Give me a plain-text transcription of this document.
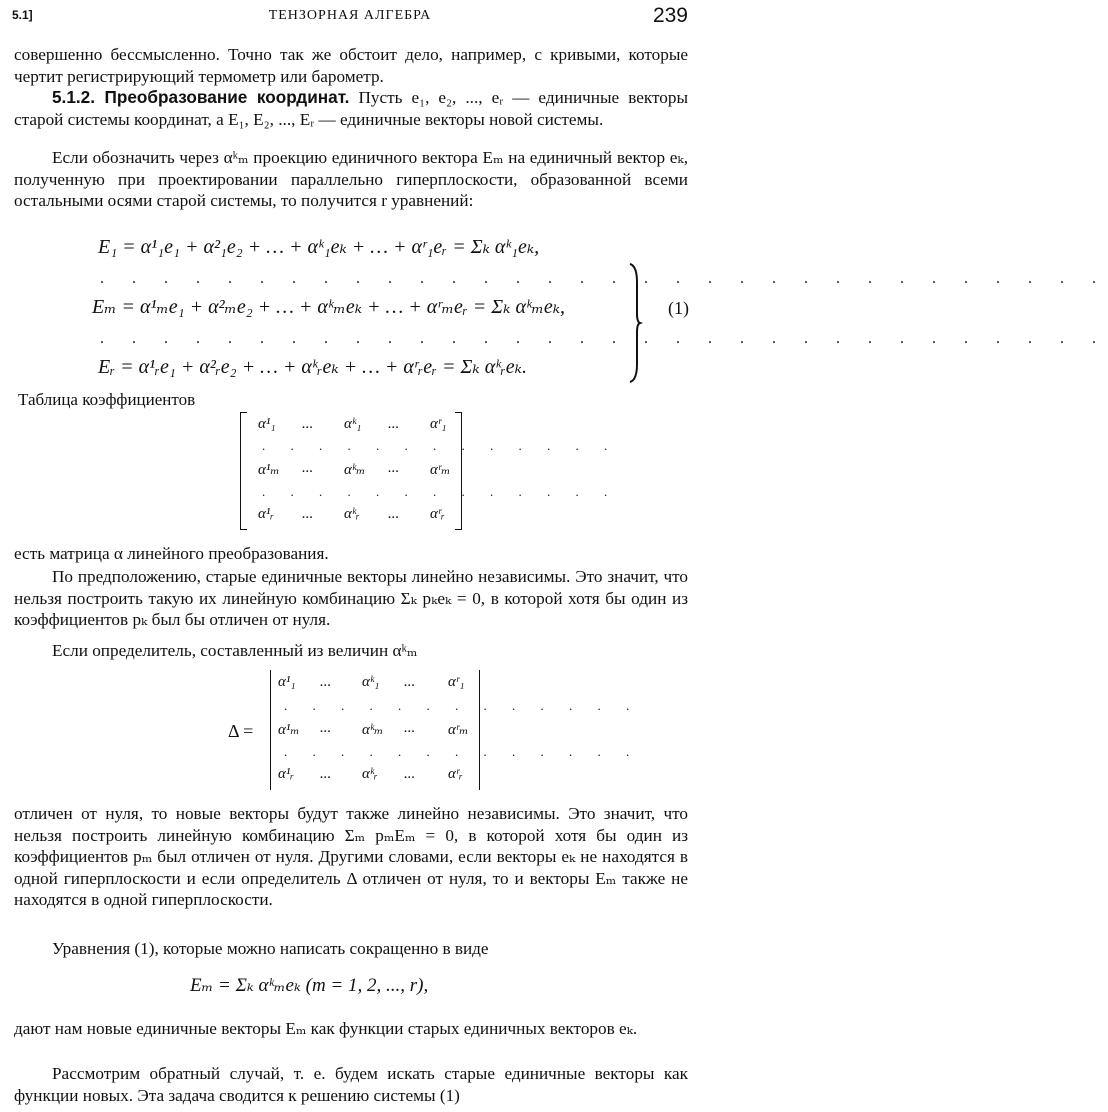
5.1]	ТЕНЗОРНАЯ АЛГЕБРА	239
совершенно бессмысленно. Точно так же обстоит дело, например, с кривыми, которые чертит регистрирующий термометр или барометр.
5.1.2. Преобразование координат. Пусть e₁, e₂, ..., eᵣ — единичные векторы старой системы координат, а E₁, E₂, ..., Eᵣ — единичные векторы новой системы.
Если обозначить через αᵏₘ проекцию единичного вектора Eₘ на единичный вектор eₖ, полученную при проектировании параллельно гиперплоскости, образованной всеми остальными осями старой системы, то получится r уравнений:
E₁ = α¹₁e₁ + α²₁e₂ + … + αᵏ₁eₖ + … + αʳ₁eᵣ = Σₖ αᵏ₁eₖ,
. . . . . . . . . . . . . . . . . . . . . . . . . . . . . . . .
Eₘ = α¹ₘe₁ + α²ₘe₂ + … + αᵏₘeₖ + … + αʳₘeᵣ = Σₖ αᵏₘeₖ,
. . . . . . . . . . . . . . . . . . . . . . . . . . . . . . . .
Eᵣ = α¹ᵣe₁ + α²ᵣe₂ + … + αᵏᵣeₖ + … + αʳᵣeᵣ = Σₖ αᵏᵣeₖ.
(1)
Таблица коэффициентов
α¹₁ ... αᵏ₁ ... αʳ₁
. . . . . . . . . . . . .
α¹ₘ ... αᵏₘ ... αʳₘ
. . . . . . . . . . . . .
α¹ᵣ ... αᵏᵣ ... αʳᵣ
есть матрица α линейного преобразования.
По предположению, старые единичные векторы линейно независимы. Это значит, что нельзя построить такую их линейную комбинацию Σₖ pₖeₖ = 0, в которой хотя бы один из коэффициентов pₖ был бы отличен от нуля.
Если определитель, составленный из величин αᵏₘ
Δ =
α¹₁ ... αᵏ₁ ... αʳ₁
. . . . . . . . . . . . .
α¹ₘ ... αᵏₘ ... αʳₘ
. . . . . . . . . . . . .
α¹ᵣ ... αᵏᵣ ... αʳᵣ
отличен от нуля, то новые векторы будут также линейно независимы. Это значит, что нельзя построить линейную комбинацию Σₘ pₘEₘ = 0, в которой хотя бы один из коэффициентов pₘ был отличен от нуля. Другими словами, если векторы eₖ не находятся в одной гиперплоскости и если определитель Δ отличен от нуля, то и векторы Eₘ также не находятся в одной гиперплоскости.
Уравнения (1), которые можно написать сокращенно в виде
Eₘ = Σₖ αᵏₘeₖ (m = 1, 2, ..., r),
дают нам новые единичные векторы Eₘ как функции старых единичных векторов eₖ.
Рассмотрим обратный случай, т. е. будем искать старые единичные векторы как функции новых. Эта задача сводится к решению системы (1)
